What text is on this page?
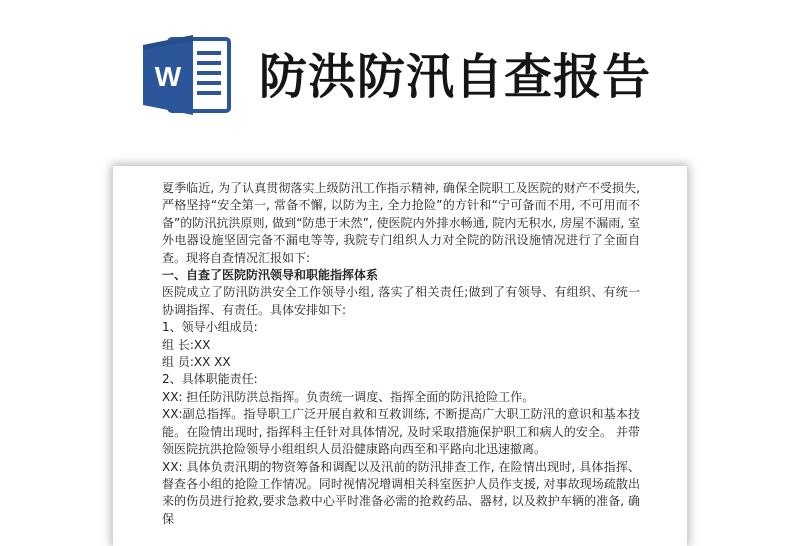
W 防洪防汛自查报告

夏季临近, 为了认真贯彻落实上级防汛工作指示精神, 确保全院职工及医院的财产不受损失, 严格坚持“安全第一, 常备不懈, 以防为主, 全力抢险”的方针和“宁可备而不用, 不可用而不备”的防汛抗洪原则, 做到“防患于未然”, 使医院内外排水畅通, 院内无积水, 房屋不漏雨, 室外电器设施坚固完备不漏电等等, 我院专门组织人力对全院的防汛设施情况进行了全面自查。现将自查情况汇报如下:

一、自查了医院防汛领导和职能指挥体系

医院成立了防汛防洪安全工作领导小组, 落实了相关责任;做到了有领导、有组织、有统一协调指挥、有责任。具体安排如下:

1、领导小组成员:

组 长:XX

组 员:XX XX

2、具体职能责任:

XX: 担任防汛防洪总指挥。负责统一调度、指挥全面的防汛抢险工作。

XX:副总指挥。指导职工广泛开展自救和互救训练, 不断提高广大职工防汛的意识和基本技能。在险情出现时, 指挥科主任针对具体情况, 及时采取措施保护职工和病人的安全。 并带领医院抗洪抢险领导小组组织人员沿健康路向西至和平路向北迅速撤离。

XX: 具体负责汛期的物资筹备和调配以及汛前的防汛排查工作, 在险情出现时, 具体指挥、督查各小组的抢险工作情况。同时视情况增调相关科室医护人员作支援, 对事故现场疏散出来的伤员进行抢救,要求急救中心平时准备必需的抢救药品、器材, 以及救护车辆的准备, 确保
